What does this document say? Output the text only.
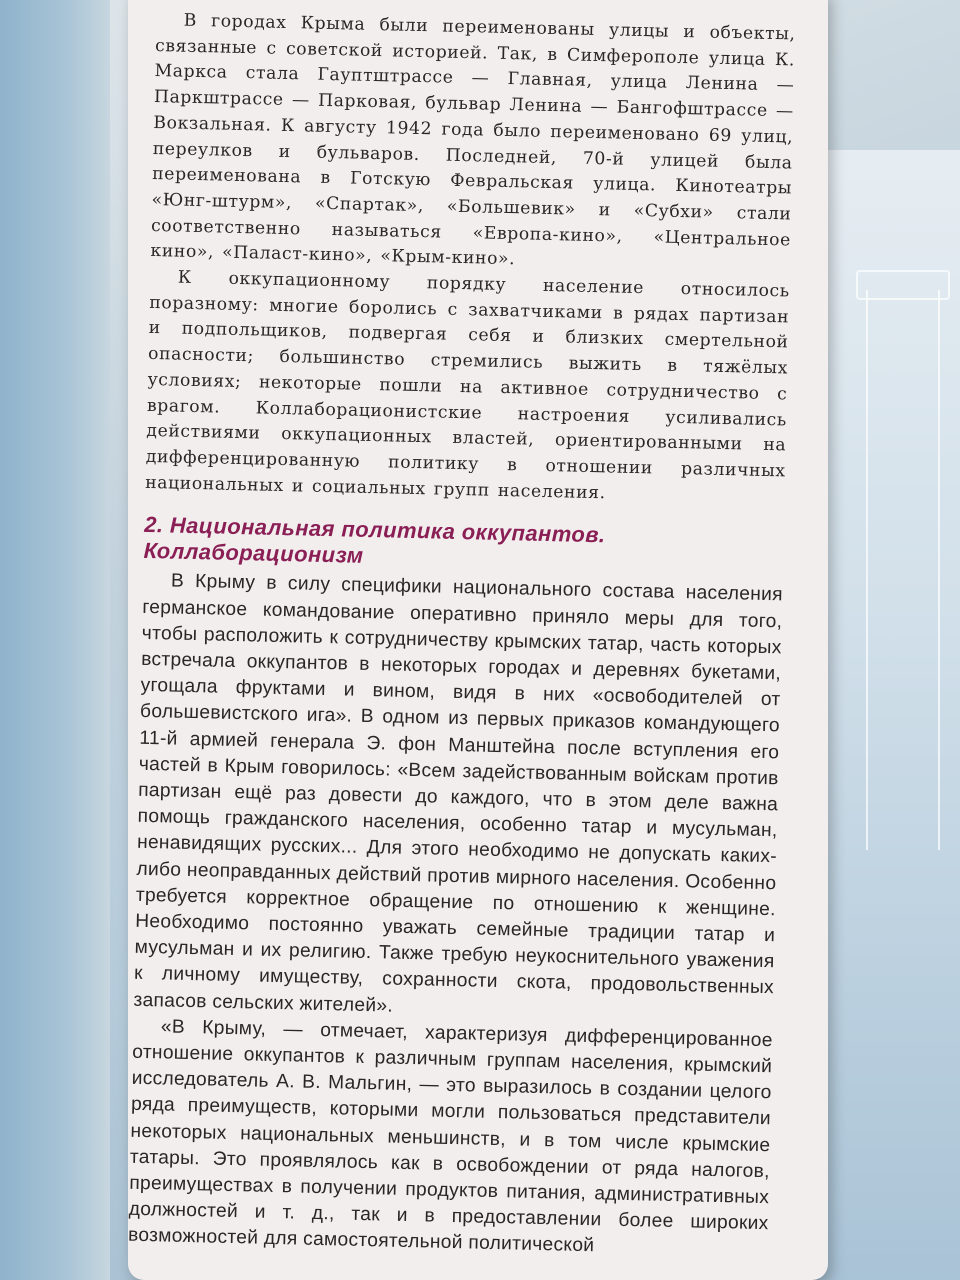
В городах Крыма были переименованы улицы и объекты, связанные с советской историей. Так, в Симферополе улица К. Маркса стала Гауптштрассе — Главная, улица Ленина — Паркштрассе — Парковая, бульвар Ленина — Бангофштрассе — Вокзальная. К августу 1942 года было переименовано 69 улиц, переулков и бульваров. Последней, 70-й улицей была переименована в Готскую Февральская улица. Кинотеатры «Юнг-штурм», «Спартак», «Большевик» и «Субхи» стали соответственно называться «Европа-кино», «Центральное кино», «Паласт-кино», «Крым-кино».

К оккупационному порядку население относилось поразному: многие боролись с захватчиками в рядах партизан и подпольщиков, подвергая себя и близких смертельной опасности; большинство стремились выжить в тяжёлых условиях; некоторые пошли на активное сотрудничество с врагом. Коллаборационистские настроения усиливались действиями оккупационных властей, ориентированными на дифференцированную политику в отношении различных национальных и социальных групп населения.

2. Национальная политика оккупантов. Коллаборационизм

В Крыму в силу специфики национального состава населения германское командование оперативно приняло меры для того, чтобы расположить к сотрудничеству крымских татар, часть которых встречала оккупантов в некоторых городах и деревнях букетами, угощала фруктами и вином, видя в них «освободителей от большевистского ига». В одном из первых приказов командующего 11-й армией генерала Э. фон Манштейна после вступления его частей в Крым говорилось: «Всем задействованным войскам против партизан ещё раз довести до каждого, что в этом деле важна помощь гражданского населения, особенно татар и мусульман, ненавидящих русских... Для этого необходимо не допускать каких-либо неоправданных действий против мирного населения. Особенно требуется корректное обращение по отношению к женщине. Необходимо постоянно уважать семейные традиции татар и мусульман и их религию. Также требую неукоснительного уважения к личному имуществу, сохранности скота, продовольственных запасов сельских жителей».

«В Крыму, — отмечает, характеризуя дифференцированное отношение оккупантов к различным группам населения, крымский исследователь А. В. Мальгин, — это выразилось в создании целого ряда преимуществ, которыми могли пользоваться представители некоторых национальных меньшинств, и в том числе крымские татары. Это проявлялось как в освобождении от ряда налогов, преимуществах в получении продуктов питания, административных должностей и т. д., так и в предоставлении более широких возможностей для самостоятельной политической
